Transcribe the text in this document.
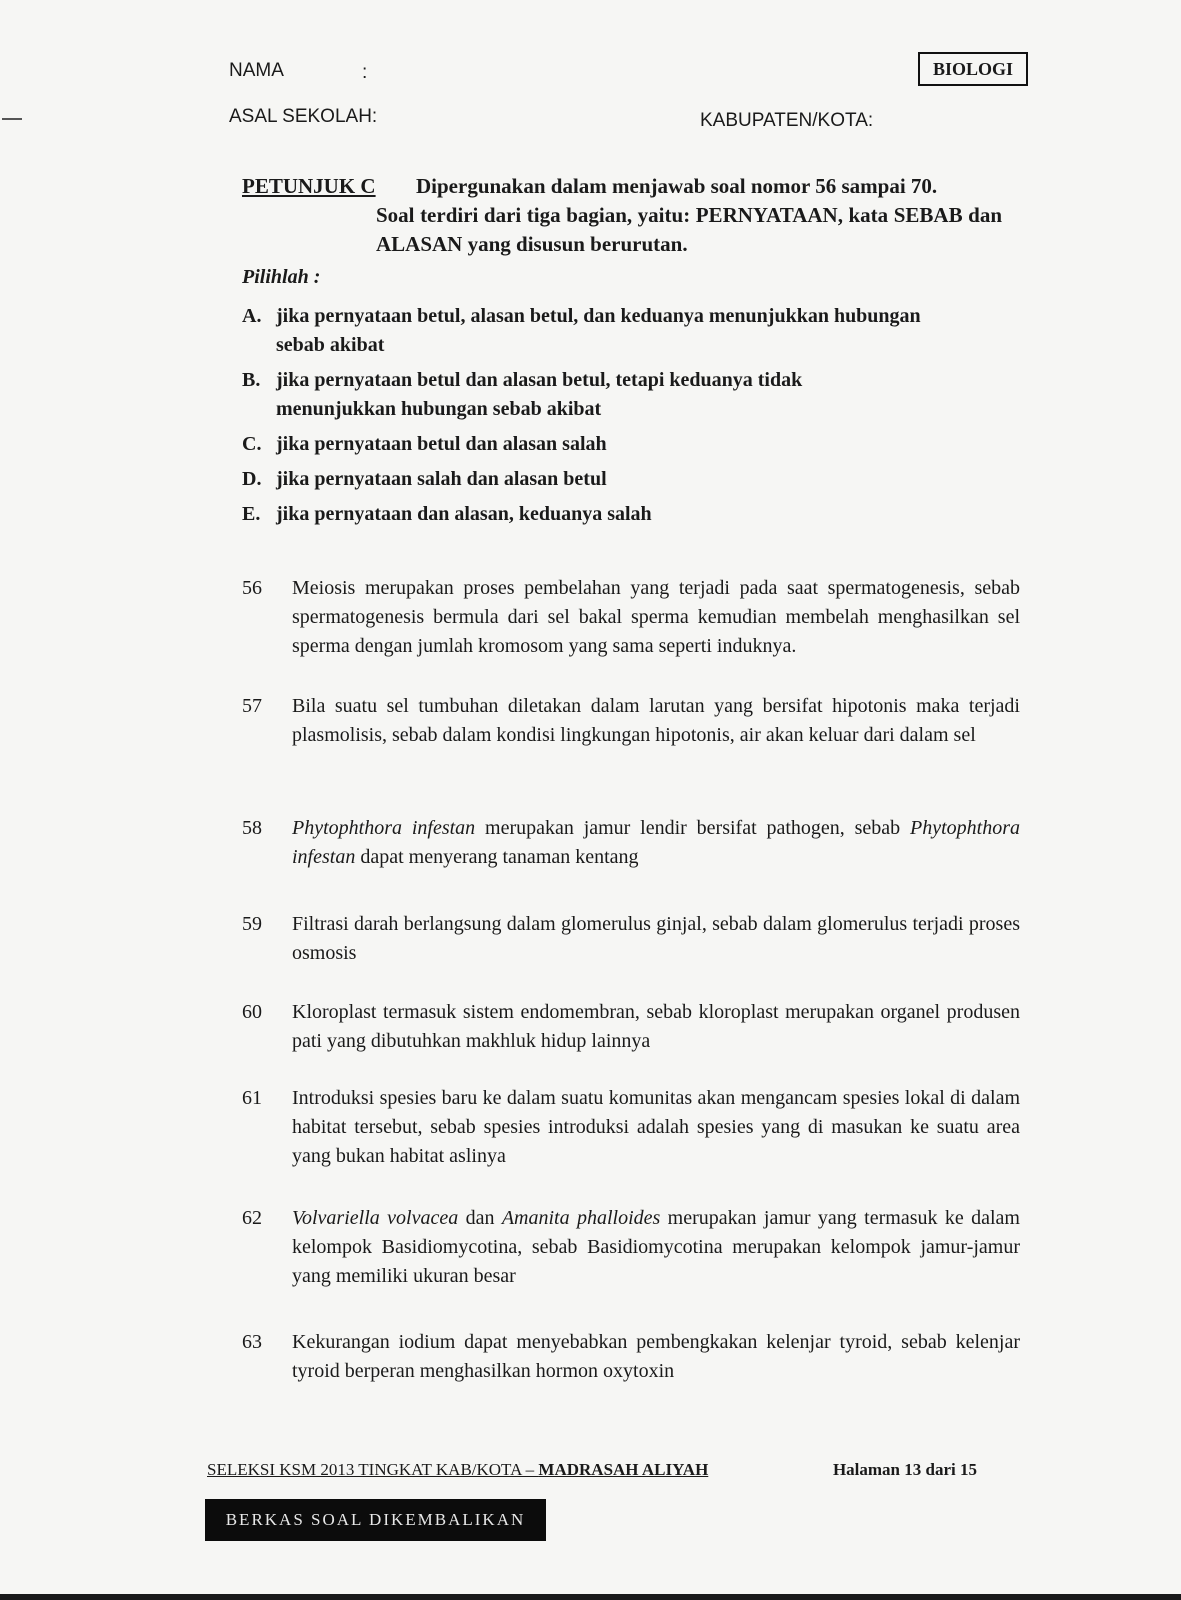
NAMA	:
ASAL SEKOLAH:	KABUPATEN/KOTA:
BIOLOGI
PETUNJUK C	Dipergunakan dalam menjawab soal nomor 56 sampai 70.
Soal terdiri dari tiga bagian, yaitu: PERNYATAAN, kata SEBAB dan ALASAN yang disusun berurutan.
Pilihlah :
A. jika pernyataan betul, alasan betul, dan keduanya menunjukkan hubungan sebab akibat
B. jika pernyataan betul dan alasan betul, tetapi keduanya tidak menunjukkan hubungan sebab akibat
C. jika pernyataan betul dan alasan salah
D. jika pernyataan salah dan alasan betul
E. jika pernyataan dan alasan, keduanya salah
56	Meiosis merupakan proses pembelahan yang terjadi pada saat spermatogenesis, sebab spermatogenesis bermula dari sel bakal sperma kemudian membelah menghasilkan sel sperma dengan jumlah kromosom yang sama seperti induknya.
57	Bila suatu sel tumbuhan diletakan dalam larutan yang bersifat hipotonis maka terjadi plasmolisis, sebab dalam kondisi lingkungan hipotonis, air akan keluar dari dalam sel
58	Phytophthora infestan merupakan jamur lendir bersifat pathogen, sebab Phytophthora infestan dapat menyerang tanaman kentang
59	Filtrasi darah berlangsung dalam glomerulus ginjal, sebab dalam glomerulus terjadi proses osmosis
60	Kloroplast termasuk sistem endomembran, sebab kloroplast merupakan organel produsen pati yang dibutuhkan makhluk hidup lainnya
61	Introduksi spesies baru ke dalam suatu komunitas akan mengancam spesies lokal di dalam habitat tersebut, sebab spesies introduksi adalah spesies yang di masukan ke suatu area yang bukan habitat aslinya
62	Volvariella volvacea dan Amanita phalloides merupakan jamur yang termasuk ke dalam kelompok Basidiomycotina, sebab Basidiomycotina merupakan kelompok jamur-jamur yang memiliki ukuran besar
63	Kekurangan iodium dapat menyebabkan pembengkakan kelenjar tyroid, sebab kelenjar tyroid berperan menghasilkan hormon oxytoxin
SELEKSI KSM 2013 TINGKAT KAB/KOTA – MADRASAH ALIYAH	Halaman 13 dari 15
BERKAS SOAL DIKEMBALIKAN
